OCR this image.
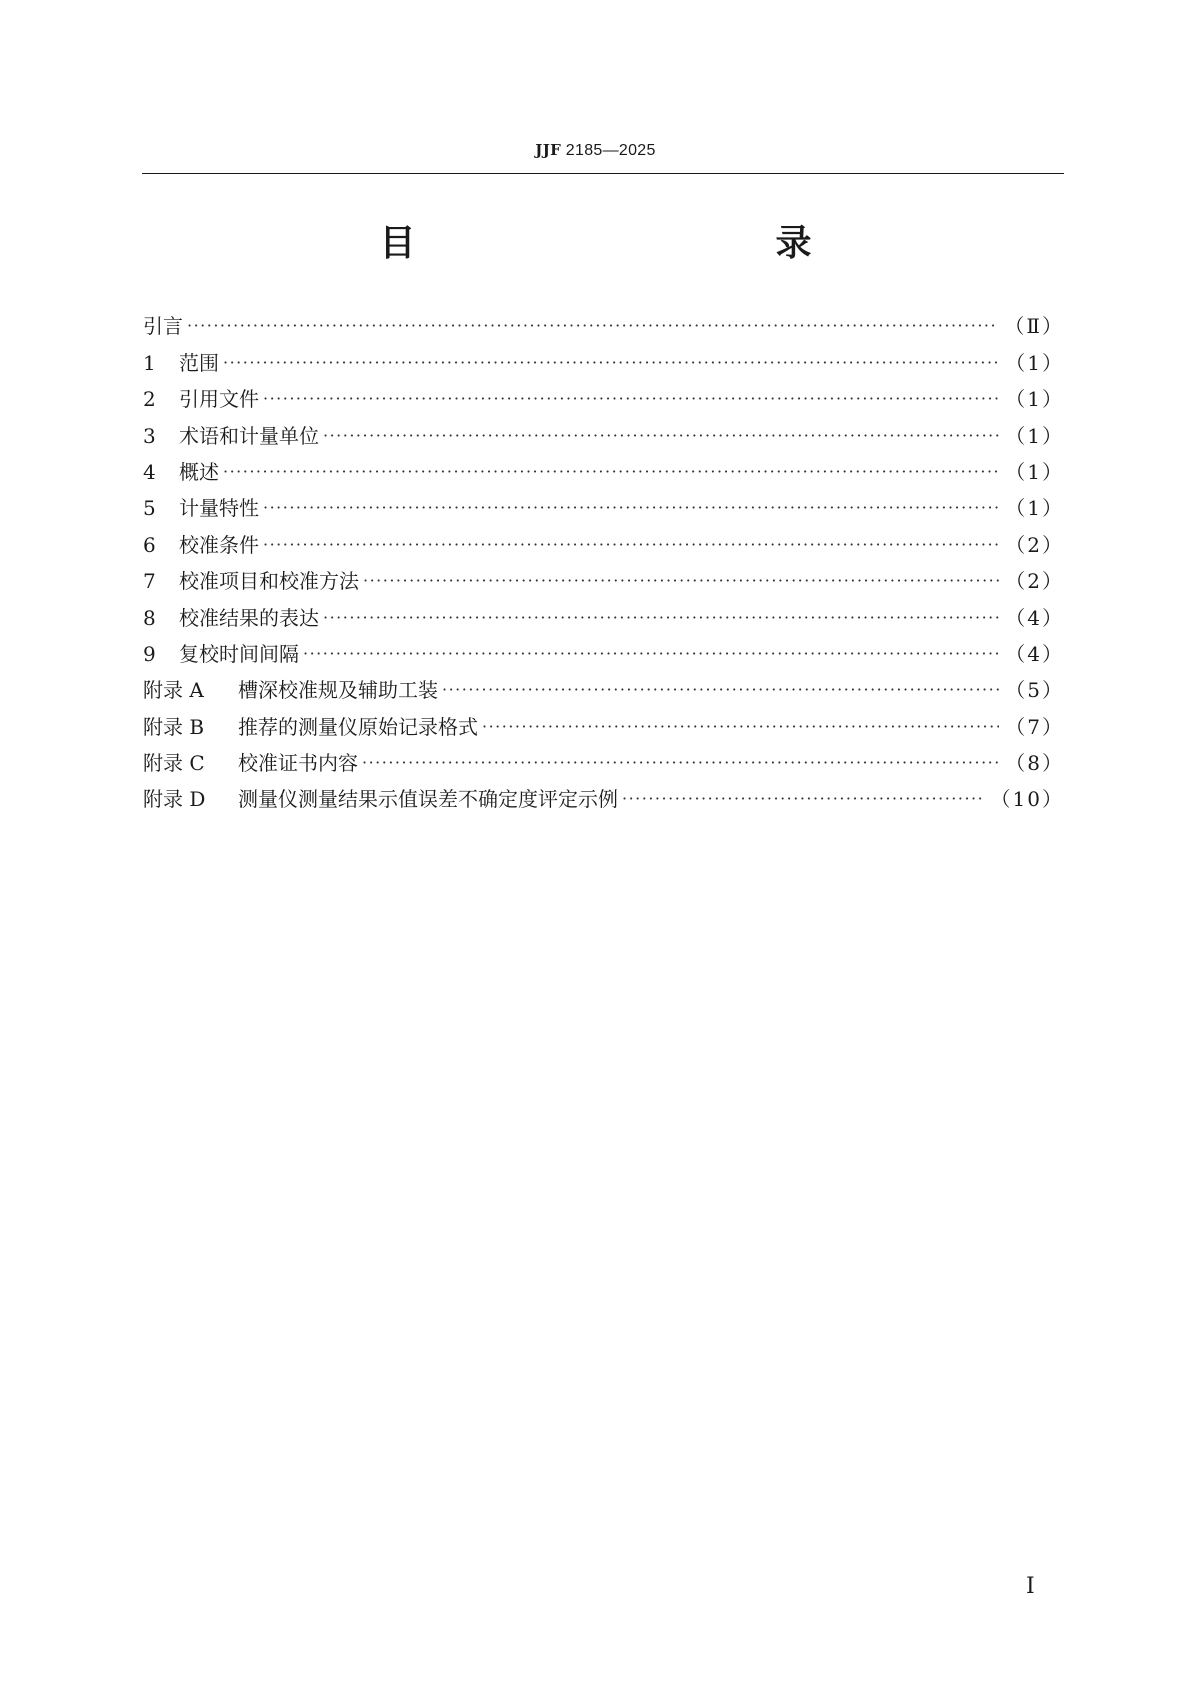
JJF 2185—2025
目　　录
引言 ·····	（Ⅱ）
1 范围 ·····	（1）
2 引用文件 ·····	（1）
3 术语和计量单位 ·····	（1）
4 概述 ·····	（1）
5 计量特性 ·····	（1）
6 校准条件 ·····	（2）
7 校准项目和校准方法 ·····	（2）
8 校准结果的表达 ·····	（4）
9 复校时间间隔 ·····	（4）
附录 A 槽深校准规及辅助工装 ·····	（5）
附录 B 推荐的测量仪原始记录格式 ·····	（7）
附录 C 校准证书内容 ·····	（8）
附录 D 测量仪测量结果示值误差不确定度评定示例 ·····	（10）
Ⅰ
